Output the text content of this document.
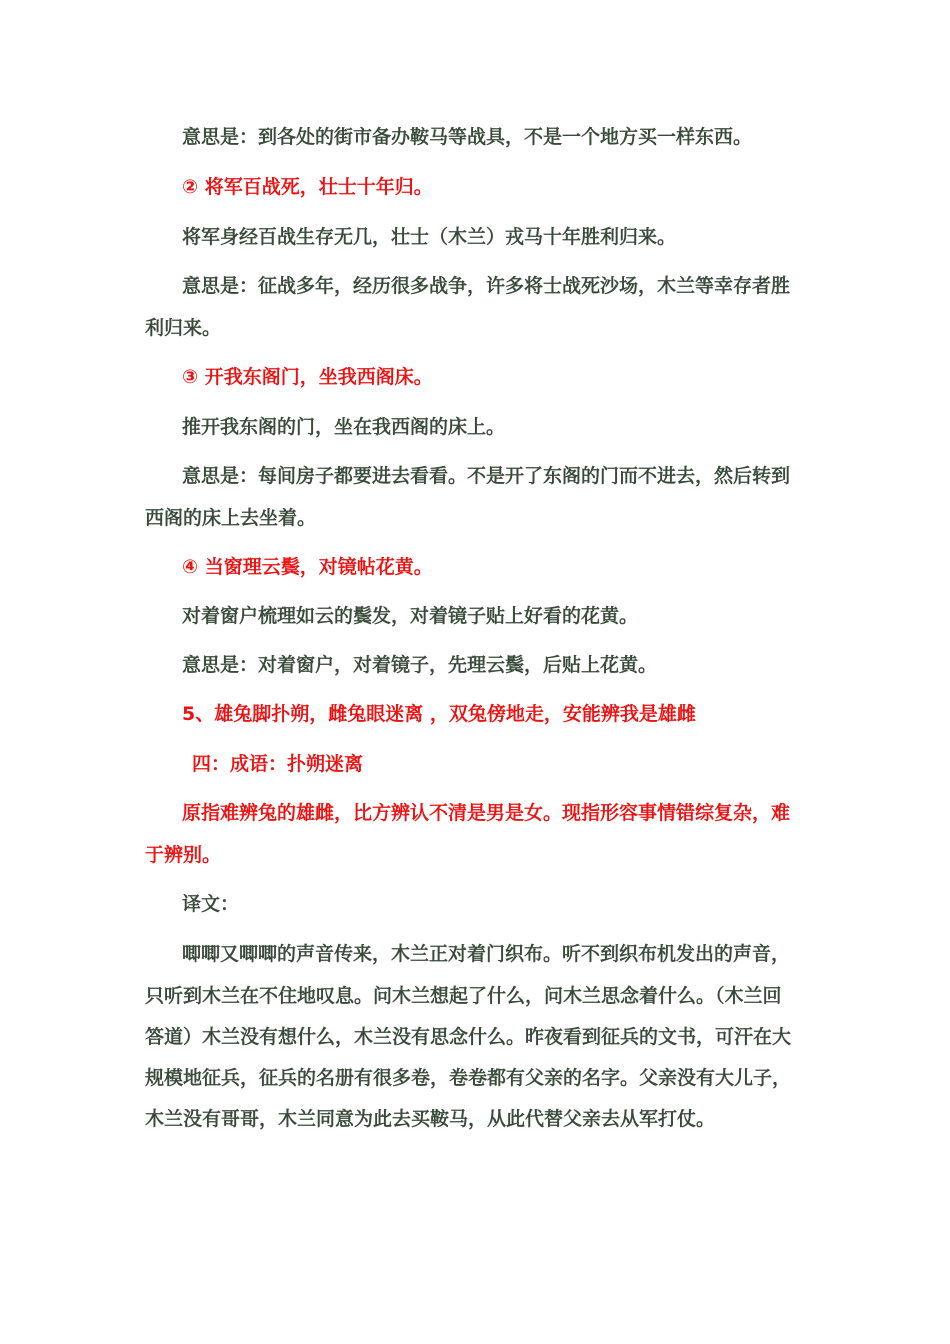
意思是：到各处的街市备办鞍马等战具，不是一个地方买一样东西。
② 将军百战死，壮士十年归。
将军身经百战生存无几，壮士（木兰）戎马十年胜利归来。
意思是：征战多年，经历很多战争，许多将士战死沙场，木兰等幸存者胜
利归来。
③ 开我东阁门，坐我西阁床。
推开我东阁的门，坐在我西阁的床上。
意思是：每间房子都要进去看看。不是开了东阁的门而不进去，然后转到
西阁的床上去坐着。
④ 当窗理云鬓，对镜帖花黄。
对着窗户梳理如云的鬓发，对着镜子贴上好看的花黄。
意思是：对着窗户，对着镜子，先理云鬓，后贴上花黄。
5、雄兔脚扑朔，雌兔眼迷离 ，双兔傍地走，安能辨我是雄雌
四：成语：扑朔迷离
原指难辨兔的雄雌，比方辨认不清是男是女。现指形容事情错综复杂，难
于辨别。
译文：
唧唧又唧唧的声音传来，木兰正对着门织布。听不到织布机发出的声音，
只听到木兰在不住地叹息。问木兰想起了什么，问木兰思念着什么。（木兰回
答道）木兰没有想什么，木兰没有思念什么。昨夜看到征兵的文书，可汗在大
规模地征兵，征兵的名册有很多卷，卷卷都有父亲的名字。父亲没有大儿子，
木兰没有哥哥，木兰同意为此去买鞍马，从此代替父亲去从军打仗。
